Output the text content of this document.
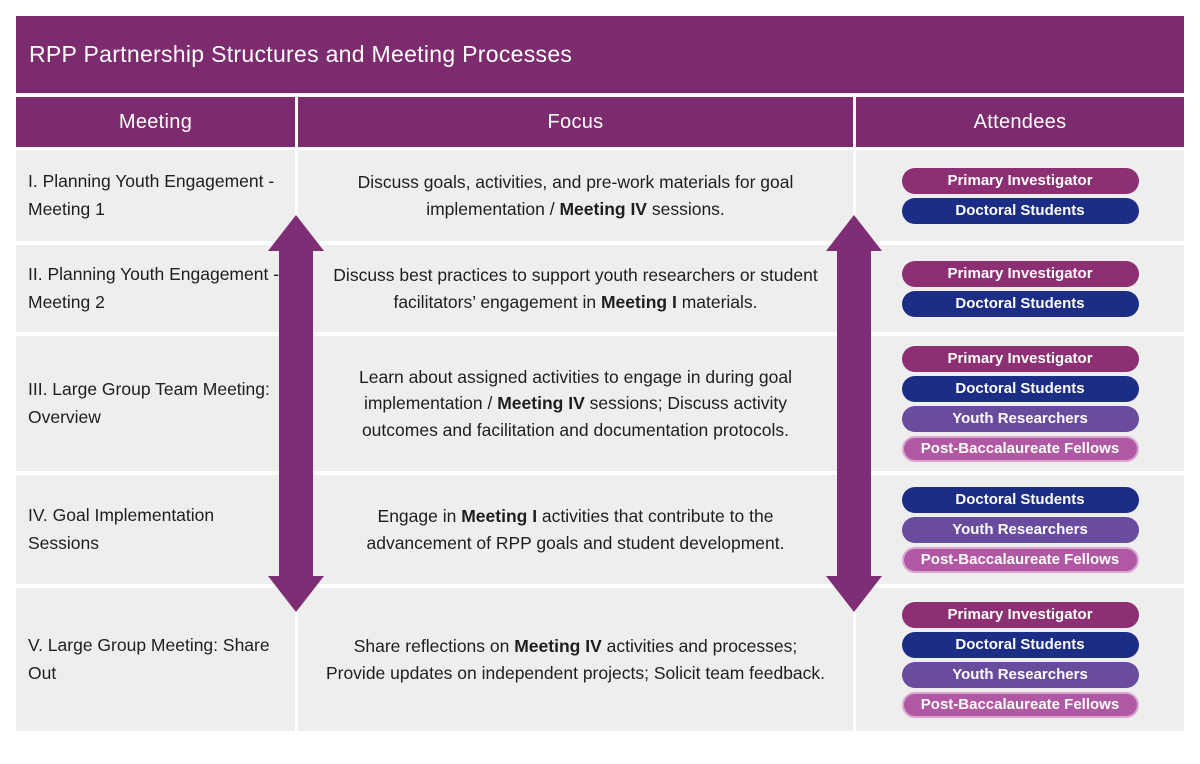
RPP Partnership Structures and Meeting Processes
Meeting	Focus	Attendees
I. Planning Youth Engagement - Meeting 1
Discuss goals, activities, and pre-work materials for goal implementation / Meeting IV sessions.
Primary Investigator
Doctoral Students
II. Planning Youth Engagement - Meeting 2
Discuss best practices to support youth researchers or student facilitators’ engagement in Meeting I materials.
Primary Investigator
Doctoral Students
III. Large Group Team Meeting: Overview
Learn about assigned activities to engage in during goal implementation / Meeting IV sessions; Discuss activity outcomes and facilitation and documentation protocols.
Primary Investigator
Doctoral Students
Youth Researchers
Post-Baccalaureate Fellows
IV. Goal Implementation Sessions
Engage in Meeting I activities that contribute to the advancement of RPP goals and student development.
Doctoral Students
Youth Researchers
Post-Baccalaureate Fellows
V. Large Group Meeting: Share Out
Share reflections on Meeting IV activities and processes; Provide updates on independent projects; Solicit team feedback.
Primary Investigator
Doctoral Students
Youth Researchers
Post-Baccalaureate Fellows
